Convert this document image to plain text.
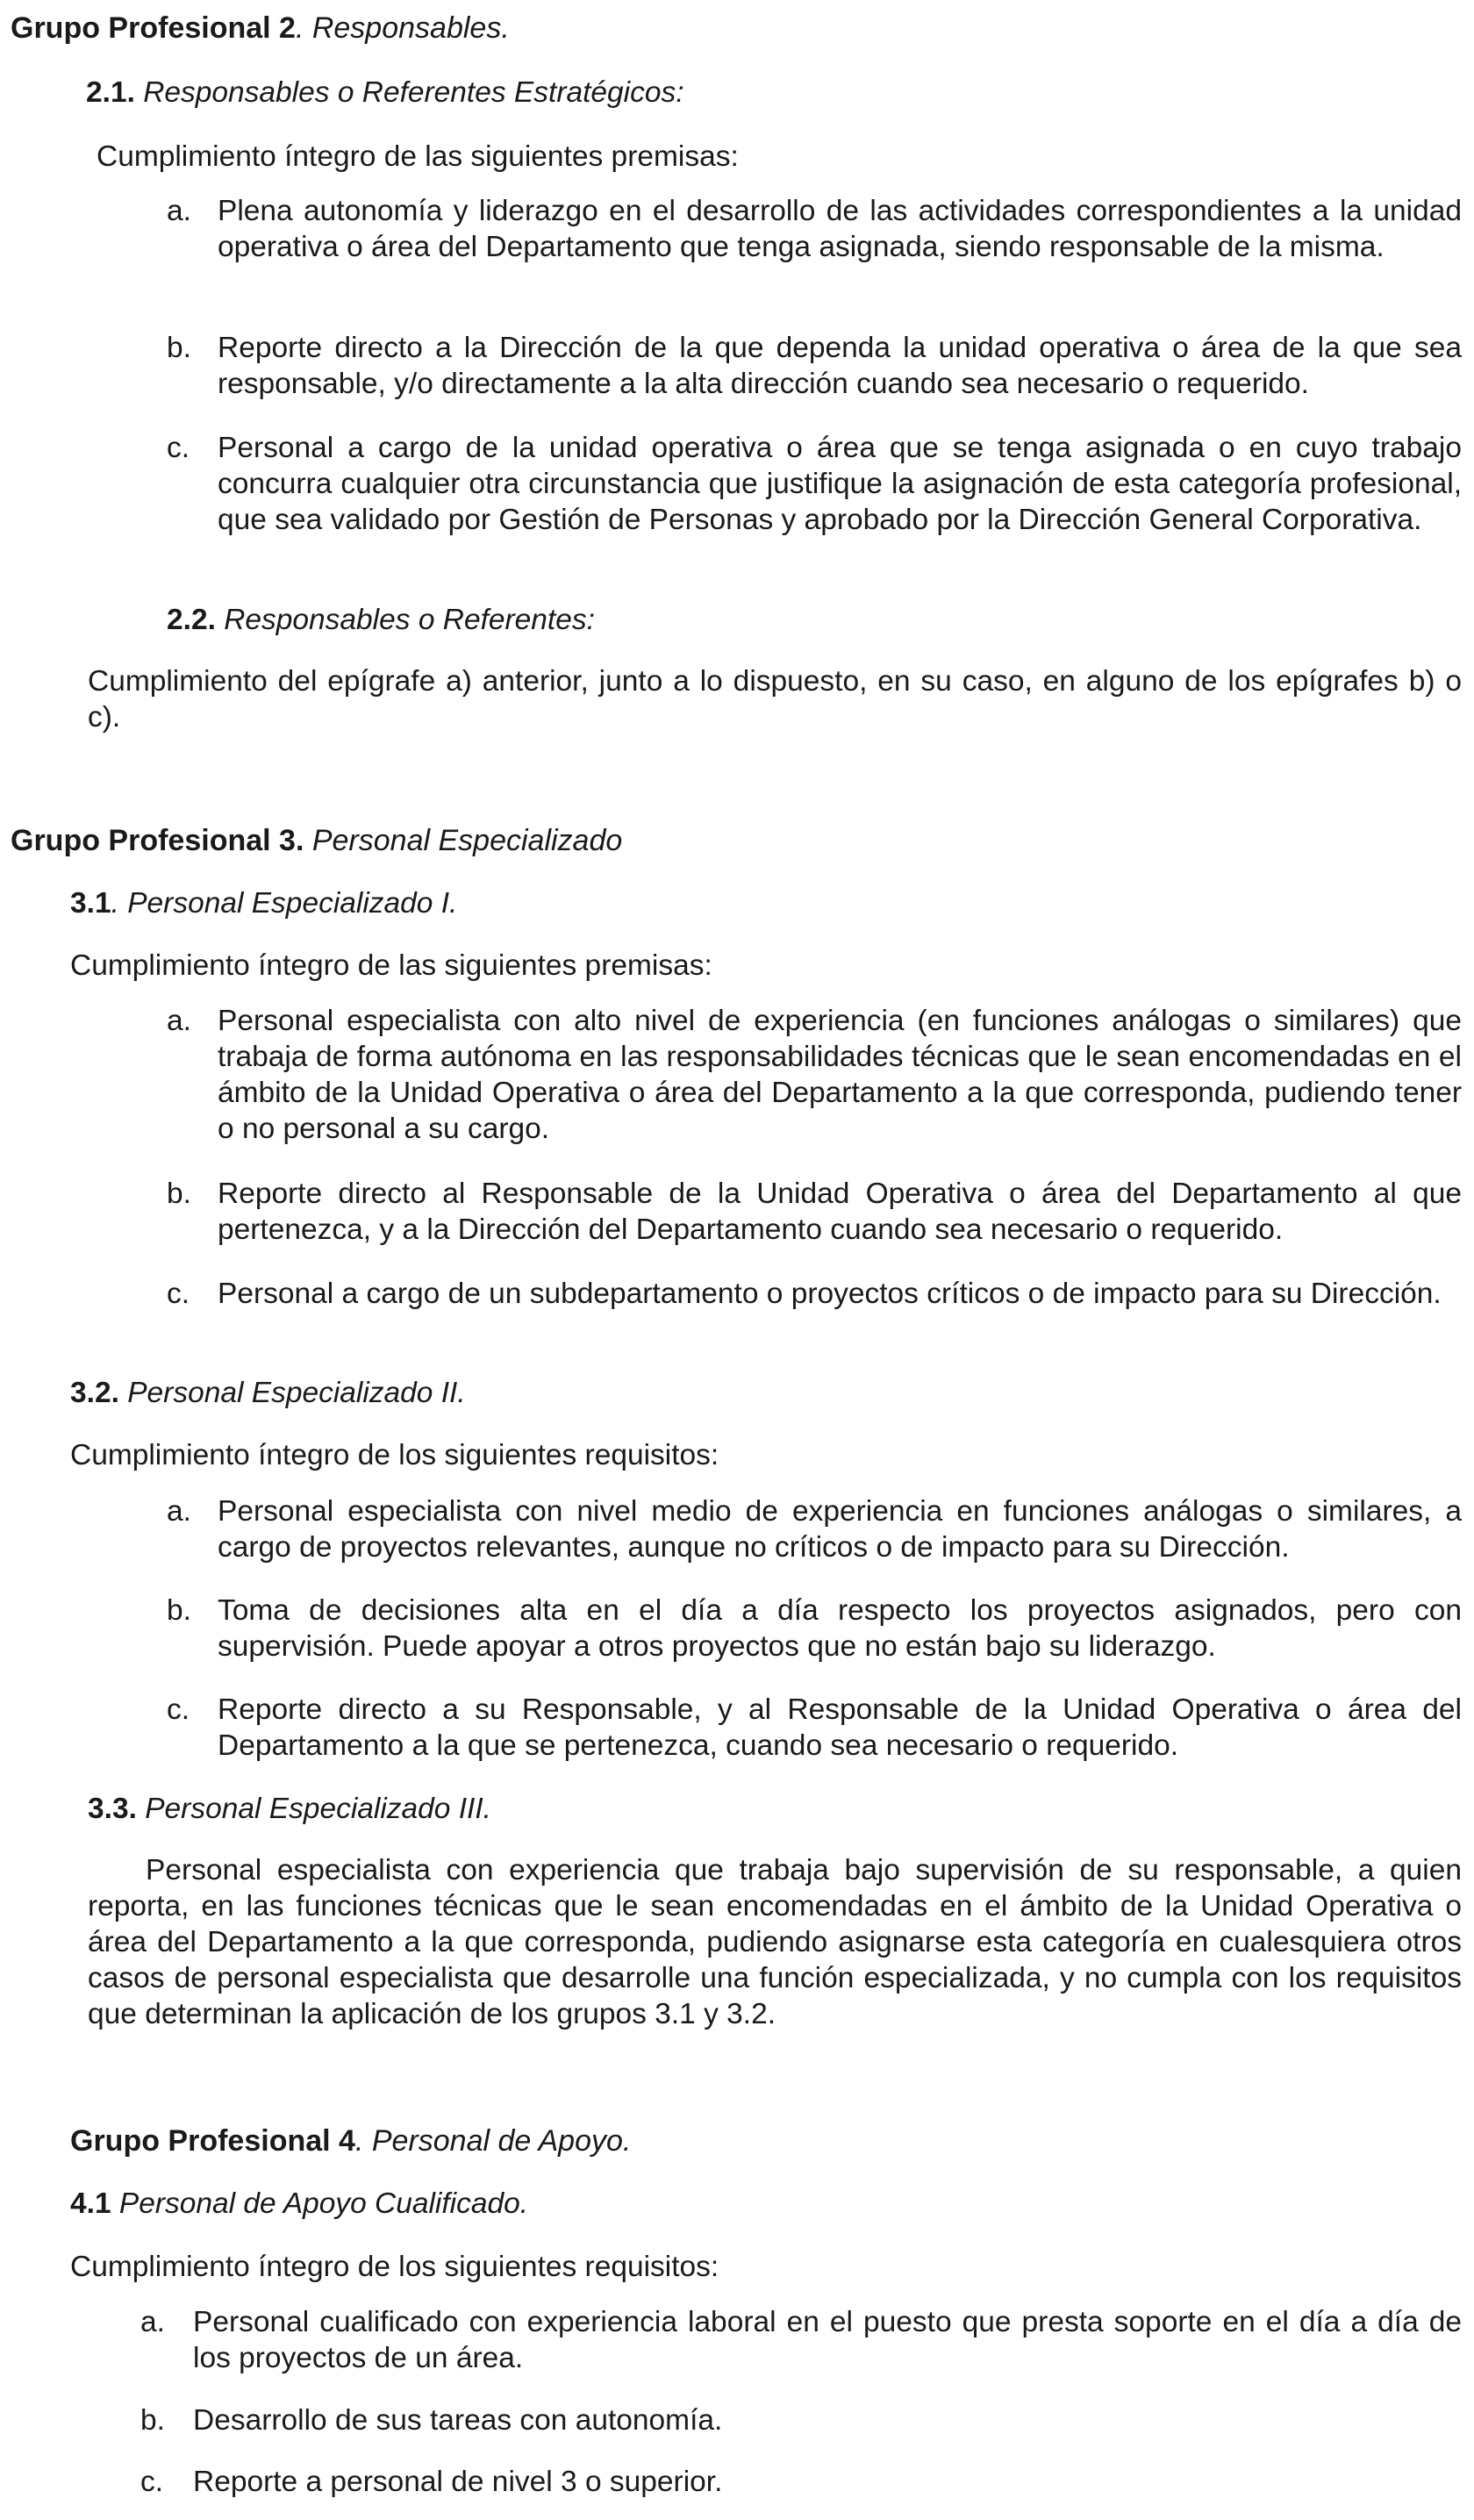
Grupo Profesional 2. Responsables.
2.1. Responsables o Referentes Estratégicos:
Cumplimiento íntegro de las siguientes premisas:
a. Plena autonomía y liderazgo en el desarrollo de las actividades correspondientes a la unidad operativa o área del Departamento que tenga asignada, siendo responsable de la misma.
b. Reporte directo a la Dirección de la que dependa la unidad operativa o área de la que sea responsable, y/o directamente a la alta dirección cuando sea necesario o requerido.
c. Personal a cargo de la unidad operativa o área que se tenga asignada o en cuyo trabajo concurra cualquier otra circunstancia que justifique la asignación de esta categoría profesional, que sea validado por Gestión de Personas y aprobado por la Dirección General Corporativa.
2.2. Responsables o Referentes:
Cumplimiento del epígrafe a) anterior, junto a lo dispuesto, en su caso, en alguno de los epígrafes b) o c).
Grupo Profesional 3. Personal Especializado
3.1. Personal Especializado I.
Cumplimiento íntegro de las siguientes premisas:
a. Personal especialista con alto nivel de experiencia (en funciones análogas o similares) que trabaja de forma autónoma en las responsabilidades técnicas que le sean encomendadas en el ámbito de la Unidad Operativa o área del Departamento a la que corresponda, pudiendo tener o no personal a su cargo.
b. Reporte directo al Responsable de la Unidad Operativa o área del Departamento al que pertenezca, y a la Dirección del Departamento cuando sea necesario o requerido.
c. Personal a cargo de un subdepartamento o proyectos críticos o de impacto para su Dirección.
3.2. Personal Especializado II.
Cumplimiento íntegro de los siguientes requisitos:
a. Personal especialista con nivel medio de experiencia en funciones análogas o similares, a cargo de proyectos relevantes, aunque no críticos o de impacto para su Dirección.
b. Toma de decisiones alta en el día a día respecto los proyectos asignados, pero con supervisión. Puede apoyar a otros proyectos que no están bajo su liderazgo.
c. Reporte directo a su Responsable, y al Responsable de la Unidad Operativa o área del Departamento a la que se pertenezca, cuando sea necesario o requerido.
3.3. Personal Especializado III.
Personal especialista con experiencia que trabaja bajo supervisión de su responsable, a quien reporta, en las funciones técnicas que le sean encomendadas en el ámbito de la Unidad Operativa o área del Departamento a la que corresponda, pudiendo asignarse esta categoría en cualesquiera otros casos de personal especialista que desarrolle una función especializada, y no cumpla con los requisitos que determinan la aplicación de los grupos 3.1 y 3.2.
Grupo Profesional 4. Personal de Apoyo.
4.1 Personal de Apoyo Cualificado.
Cumplimiento íntegro de los siguientes requisitos:
a. Personal cualificado con experiencia laboral en el puesto que presta soporte en el día a día de los proyectos de un área.
b. Desarrollo de sus tareas con autonomía.
c. Reporte a personal de nivel 3 o superior.
